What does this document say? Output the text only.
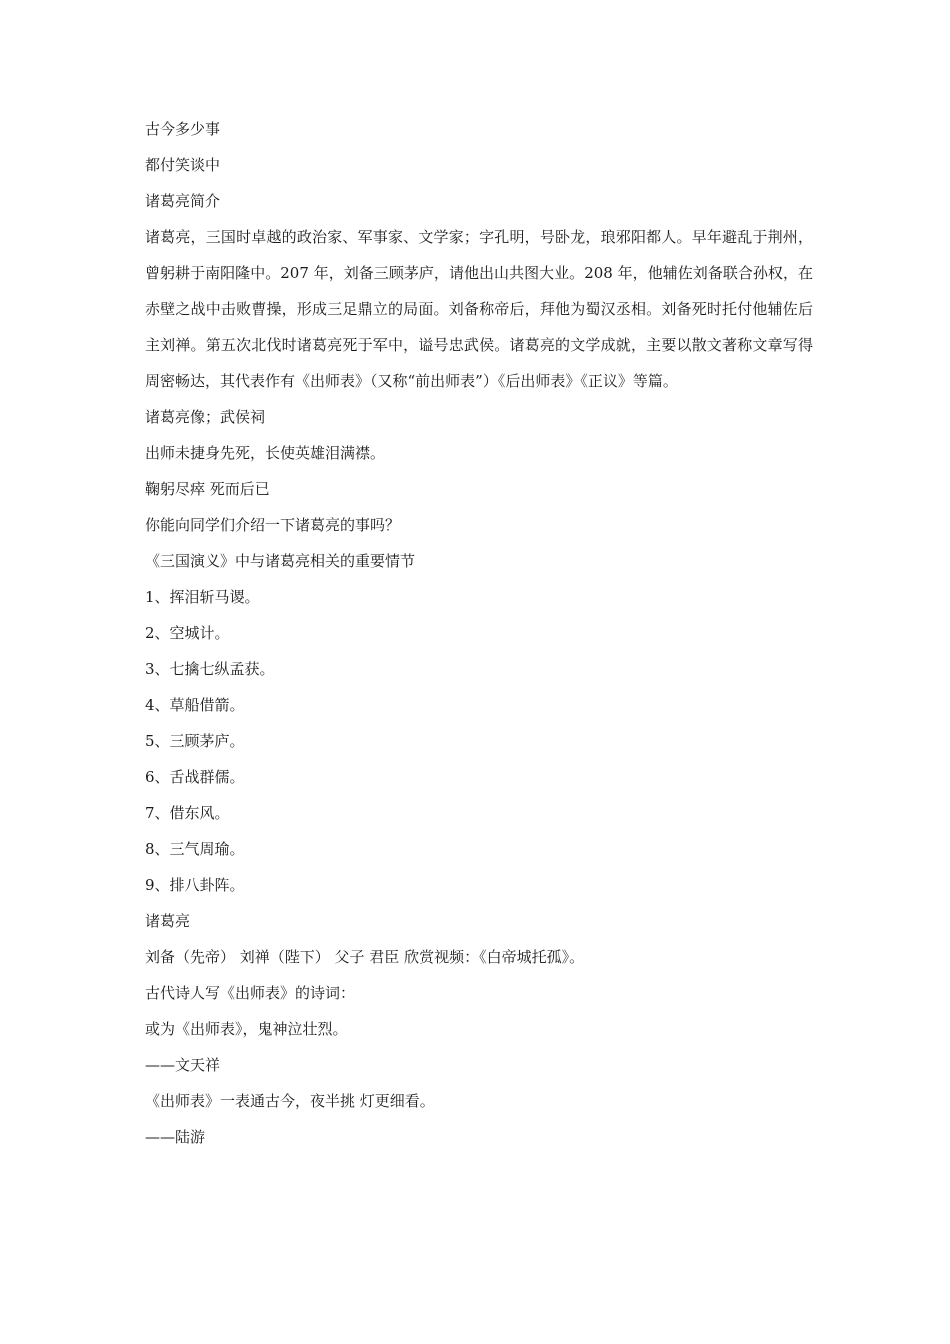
古今多少事
都付笑谈中
诸葛亮简介
诸葛亮，三国时卓越的政治家、军事家、文学家；字孔明，号卧龙，琅邪阳都人。早年避乱于荆州，曾躬耕于南阳隆中。207 年，刘备三顾茅庐，请他出山共图大业。208 年，他辅佐刘备联合孙权，在赤壁之战中击败曹操，形成三足鼎立的局面。刘备称帝后，拜他为蜀汉丞相。刘备死时托付他辅佐后主刘禅。第五次北伐时诸葛亮死于军中，谥号忠武侯。诸葛亮的文学成就，主要以散文著称文章写得周密畅达，其代表作有《出师表》（又称“前出师表”）《后出师表》《正议》等篇。
诸葛亮像；武侯祠
出师未捷身先死，长使英雄泪满襟。
鞠躬尽瘁 死而后已
你能向同学们介绍一下诸葛亮的事吗？
《三国演义》中与诸葛亮相关的重要情节
1、挥泪斩马谡。
2、空城计。
3、七擒七纵孟获。
4、草船借箭。
5、三顾茅庐。
6、舌战群儒。
7、借东风。
8、三气周瑜。
9、排八卦阵。
诸葛亮
刘备（先帝） 刘禅（陛下） 父子 君臣 欣赏视频：《白帝城托孤》。
古代诗人写《出师表》的诗词：
或为《出师表》，鬼神泣壮烈。
——文天祥
《出师表》一表通古今，夜半挑 灯更细看。
——陆游
